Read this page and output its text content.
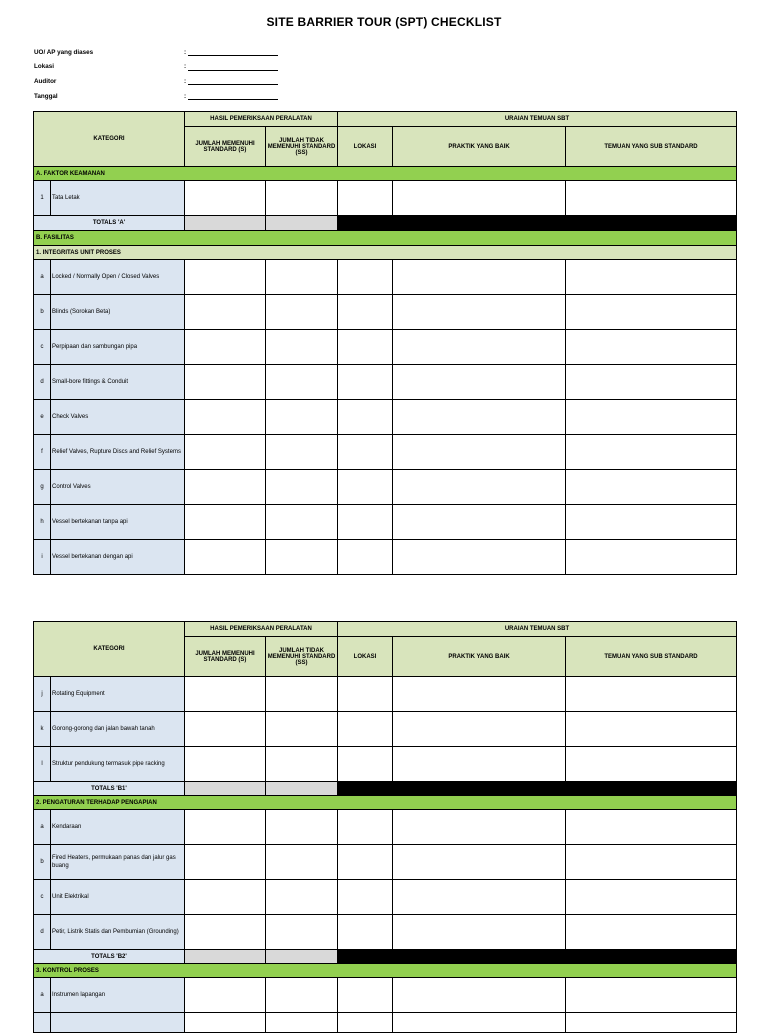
SITE BARRIER TOUR (SPT) CHECKLIST
UO/ AP yang diases	:
Lokasi	:
Auditor	:
Tanggal	:
KATEGORI		HASIL PEMERIKSAAN PERALATAN		URAIAN TEMUAN SBT		
		JUMLAH MEMENUHI STANDARD (S)	JUMLAH TIDAK MEMENUHI STANDARD (SS)	LOKASI	PRAKTIK YANG BAIK	TEMUAN YANG SUB STANDARD
A. FAKTOR KEAMANAN						
1	Tata Letak					
TOTALS 'A'						
B. FASILITAS						
1. INTEGRITAS UNIT PROSES						
a	Locked / Normally Open / Closed Valves					
b	Blinds (Sorokan Beta)					
c	Perpipaan dan sambungan pipa					
d	Small-bore fittings & Conduit					
e	Check Valves					
f	Relief Valves, Rupture Discs and Relief Systems					
g	Control Valves					
h	Vessel bertekanan tanpa api					
i	Vessel bertekanan dengan api					
KATEGORI		HASIL PEMERIKSAAN PERALATAN		URAIAN TEMUAN SBT		
		JUMLAH MEMENUHI STANDARD (S)	JUMLAH TIDAK MEMENUHI STANDARD (SS)	LOKASI	PRAKTIK YANG BAIK	TEMUAN YANG SUB STANDARD
j	Rotating Equipment					
k	Gorong-gorong dan jalan bawah tanah					
l	Struktur pendukung termasuk pipe racking					
TOTALS 'B1'						
2. PENGATURAN TERHADAP PENGAPIAN						
a	Kendaraan					
b	Fired Heaters, permukaan panas dan jalur gas buang					
c	Unit Elektrikal					
d	Petir, Listrik Statis dan Pembumian (Grounding)					
TOTALS 'B2'						
3. KONTROL PROSES						
a	Instrumen lapangan					
